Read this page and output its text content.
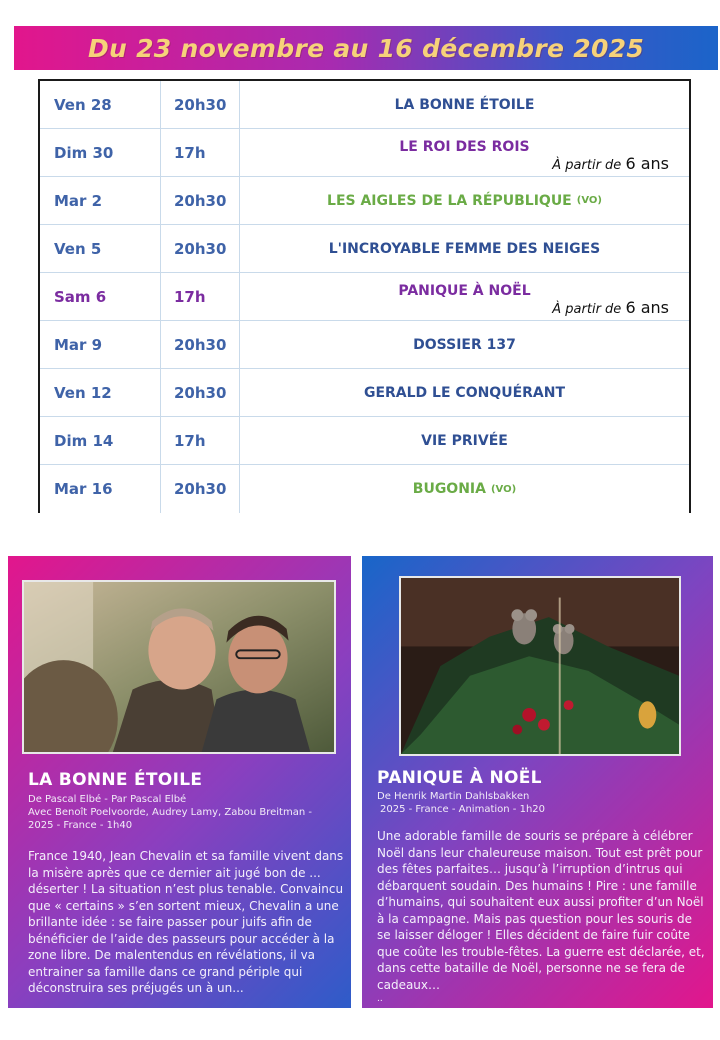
Du 23 novembre au 16 décembre 2025
Ven 28	20h30	LA BONNE ÉTOILE
Dim 30	17h	LE ROI DES ROIS
À partir de 6 ans
Mar 2	20h30	LES AIGLES DE LA RÉPUBLIQUE (VO)
Ven 5	20h30	L'INCROYABLE FEMME DES NEIGES
Sam 6	17h	PANIQUE À NOËL
À partir de 6 ans
Mar 9	20h30	DOSSIER 137
Ven 12	20h30	GERALD LE CONQUÉRANT
Dim 14	17h	VIE PRIVÉE
Mar 16	20h30	BUGONIA (VO)
LA BONNE ÉTOILE
De Pascal Elbé - Par Pascal Elbé
Avec Benoît Poelvoorde, Audrey Lamy, Zabou Breitman - 2025 - France - 1h40
France 1940, Jean Chevalin et sa famille vivent dans la misère après que ce dernier ait jugé bon de ... déserter ! La situation n’est plus tenable. Convaincu que « certains » s’en sortent mieux, Chevalin a une brillante idée : se faire passer pour juifs afin de bénéficier de l’aide des passeurs pour accéder à la zone libre. De malentendus en révélations, il va entrainer sa famille dans ce grand périple qui déconstruira ses préjugés un à un...
PANIQUE À NOËL
De Henrik Martin Dahlsbakken
2025 - France - Animation - 1h20
Une adorable famille de souris se prépare à célébrer Noël dans leur chaleureuse maison. Tout est prêt pour des fêtes parfaites… jusqu’à l’irruption d’intrus qui débarquent soudain. Des humains ! Pire : une famille d’humains, qui souhaitent eux aussi profiter d’un Noël à la campagne. Mais pas question pour les souris de se laisser déloger ! Elles décident de faire fuir coûte que coûte les trouble-fêtes. La guerre est déclarée, et, dans cette bataille de Noël, personne ne se fera de cadeaux…
..
